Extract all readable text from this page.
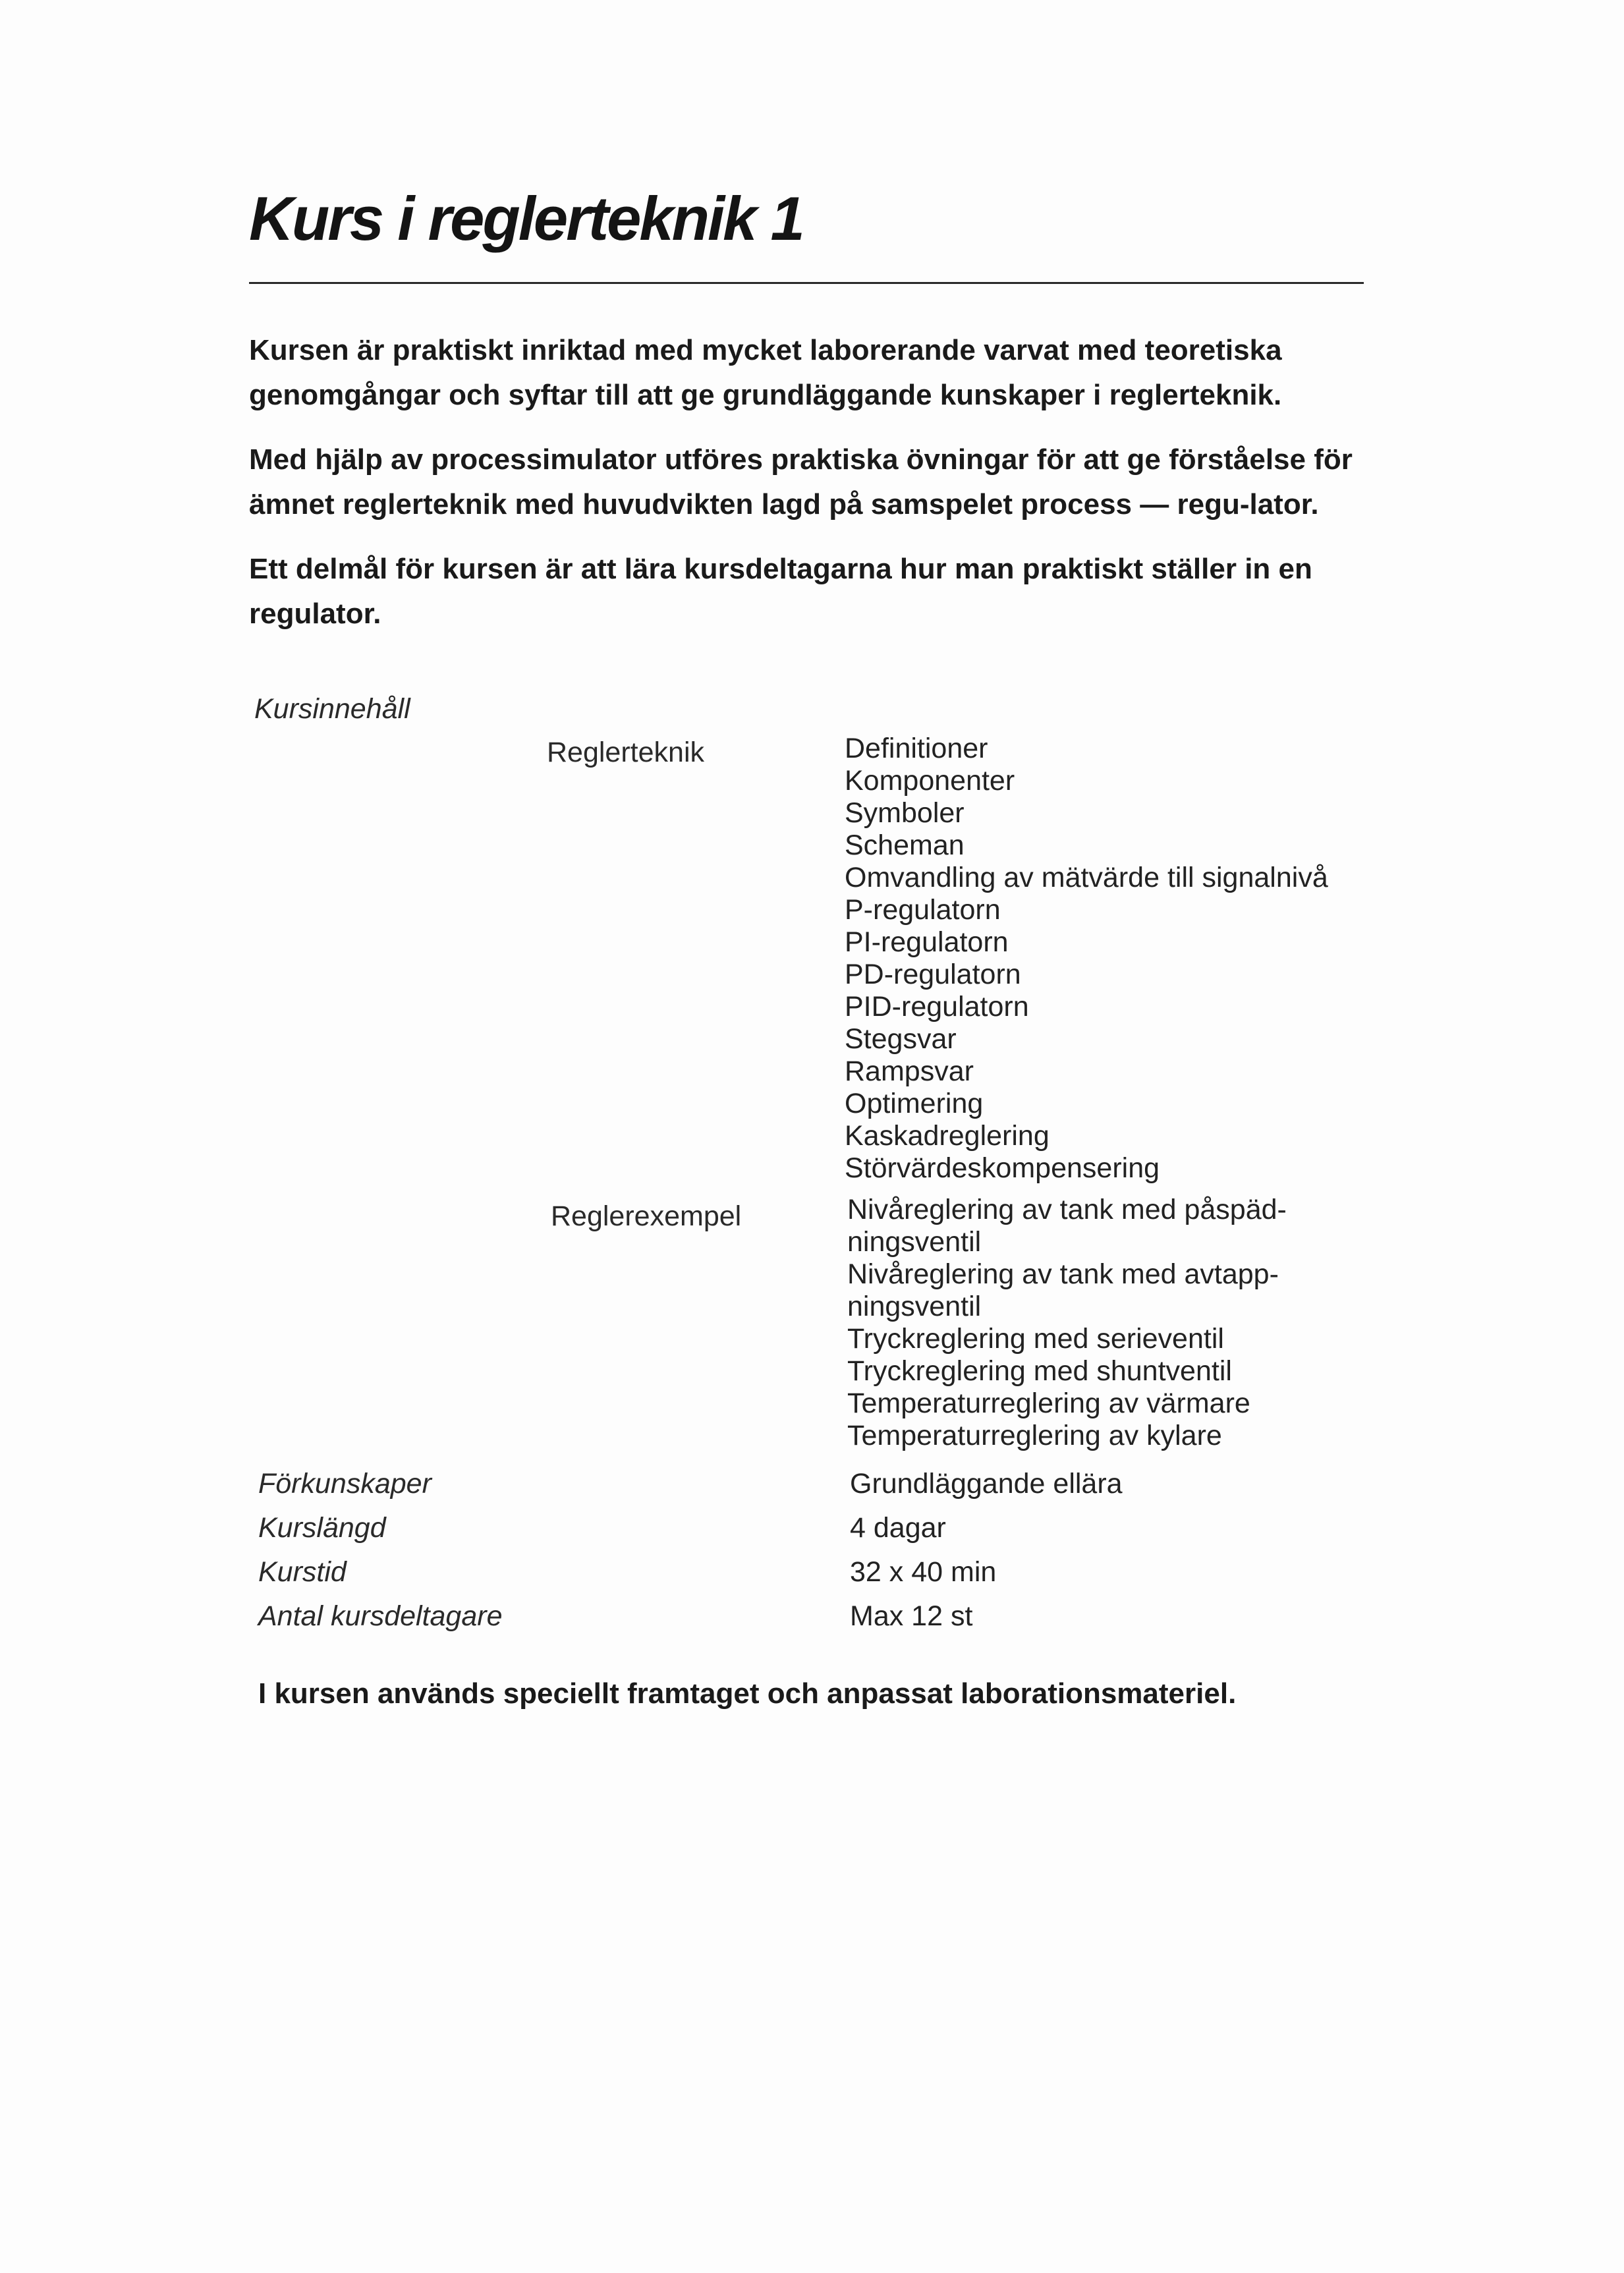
Kurs i reglerteknik 1

Kursen är praktiskt inriktad med mycket laborerande varvat med teoretiska genomgångar och syftar till att ge grundläggande kunskaper i reglerteknik.

Med hjälp av processimulator utföres praktiska övningar för att ge förståelse för ämnet reglerteknik med huvudvikten lagd på samspelet process — regu-lator.

Ett delmål för kursen är att lära kursdeltagarna hur man praktiskt ställer in en regulator.

Kursinnehåll
Reglerteknik	Definitioner
Komponenter
Symboler
Scheman
Omvandling av mätvärde till signalnivå
P-regulatorn
PI-regulatorn
PD-regulatorn
PID-regulatorn
Stegsvar
Rampsvar
Optimering
Kaskadreglering
Störvärdeskompensering
Reglerexempel	Nivåreglering av tank med påspäd-
ningsventil
Nivåreglering av tank med avtapp-
ningsventil
Tryckreglering med serieventil
Tryckreglering med shuntventil
Temperaturreglering av värmare
Temperaturreglering av kylare
Förkunskaper	Grundläggande ellära
Kurslängd	4 dagar
Kurstid	32 x 40 min
Antal kursdeltagare	Max 12 st
I kursen används speciellt framtaget och anpassat laborationsmateriel.
